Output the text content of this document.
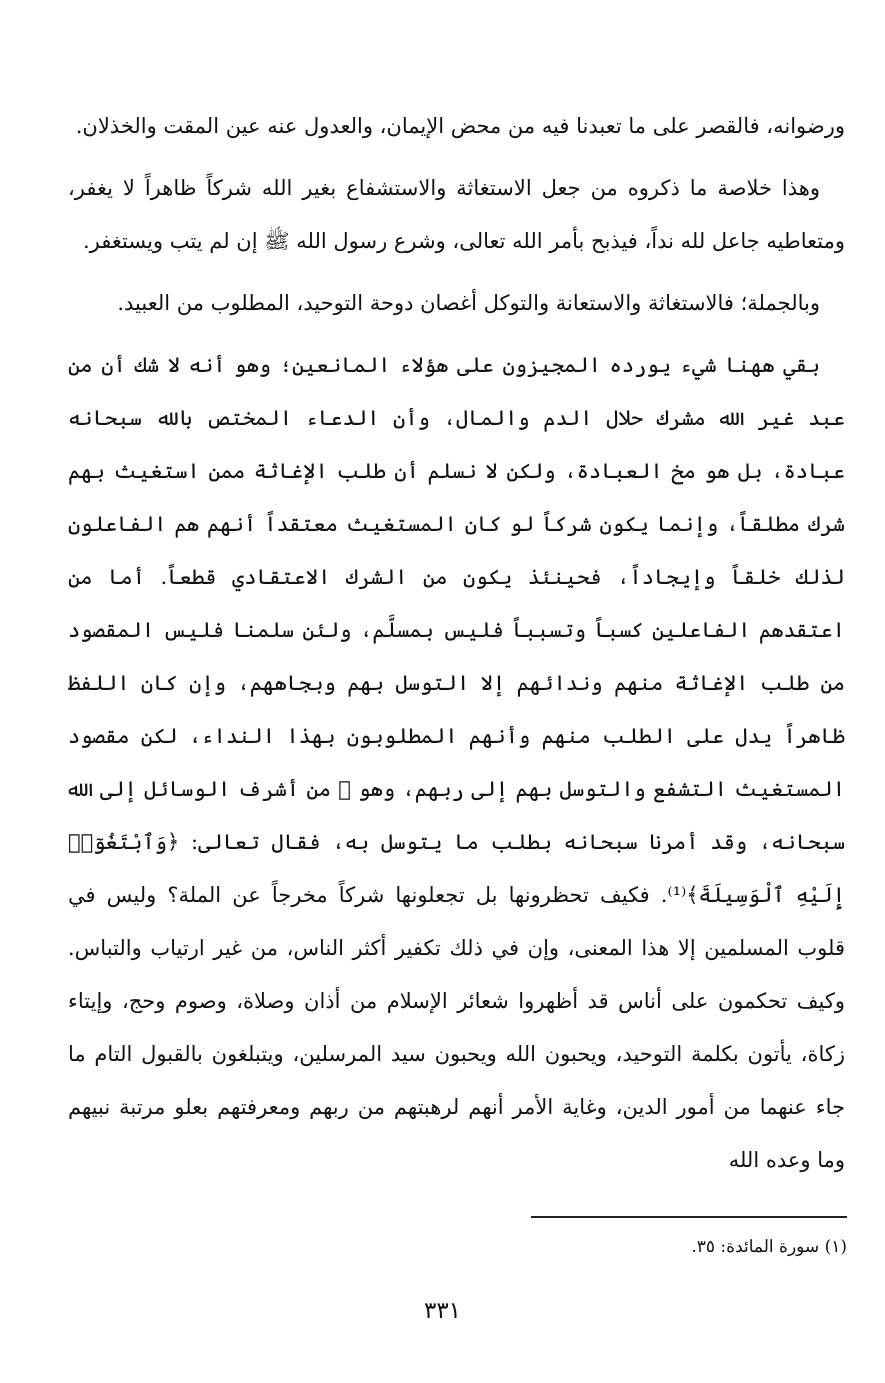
ورضوانه، فالقصر على ما تعبدنا فيه من محض الإيمان، والعدول عنه عين المقت والخذلان.

وهذا خلاصة ما ذكروه من جعل الاستغاثة والاستشفاع بغير الله شركاً ظاهراً لا يغفر، ومتعاطيه جاعل لله نداً، فيذبح بأمر الله تعالى، وشرع رسول الله ﷺ إن لم يتب ويستغفر.

وبالجملة؛ فالاستغاثة والاستعانة والتوكل أغصان دوحة التوحيد، المطلوب من العبيد.

بقي ههنا شيء يورده المجيزون على هؤلاء المانعين؛ وهو أنه لا شك أن من عبد غير الله مشرك حلال الدم والمال، وأن الدعاء المختص بالله سبحانه عبادة، بل هو مخ العبادة، ولكن لا نسلم أن طلب الإغاثة ممن استغيث بهم شرك مطلقاً، وإنما يكون شركاً لو كان المستغيث معتقداً أنهم هم الفاعلون لذلك خلقاً وإيجاداً، فحينئذ يكون من الشرك الاعتقادي قطعاً. أما من اعتقدهم الفاعلين كسباً وتسبباً فليس بمسلَّم، ولئن سلمنا فليس المقصود من طلب الإغاثة منهم وندائهم إلا التوسل بهم وبجاههم، وإن كان اللفظ ظاهراً يدل على الطلب منهم وأنهم المطلوبون بهذا النداء، لكن مقصود المستغيث التشفع والتوسل بهم إلى ربهم، وهو ﷺ من أشرف الوسائل إلى الله سبحانه، وقد أمرنا سبحانه بطلب ما يتوسل به، فقال تعالى: ﴿وَٱبْتَغُوٓا۟ إِلَيْهِ ٱلْوَسِيلَةَ﴾⁽¹⁾. فكيف تحظرونها بل تجعلونها شركاً مخرجاً عن الملة؟ وليس في قلوب المسلمين إلا هذا المعنى، وإن في ذلك تكفير أكثر الناس، من غير ارتياب والتباس. وكيف تحكمون على أناس قد أظهروا شعائر الإسلام من أذان وصلاة، وصوم وحج، وإيتاء زكاة، يأتون بكلمة التوحيد، ويحبون الله ويحبون سيد المرسلين، ويتبلغون بالقبول التام ما جاء عنهما من أمور الدين، وغاية الأمر أنهم لرهبتهم من ربهم ومعرفتهم بعلو مرتبة نبيهم وما وعده الله

(١) سورة المائدة: ٣٥.
٣٣١
